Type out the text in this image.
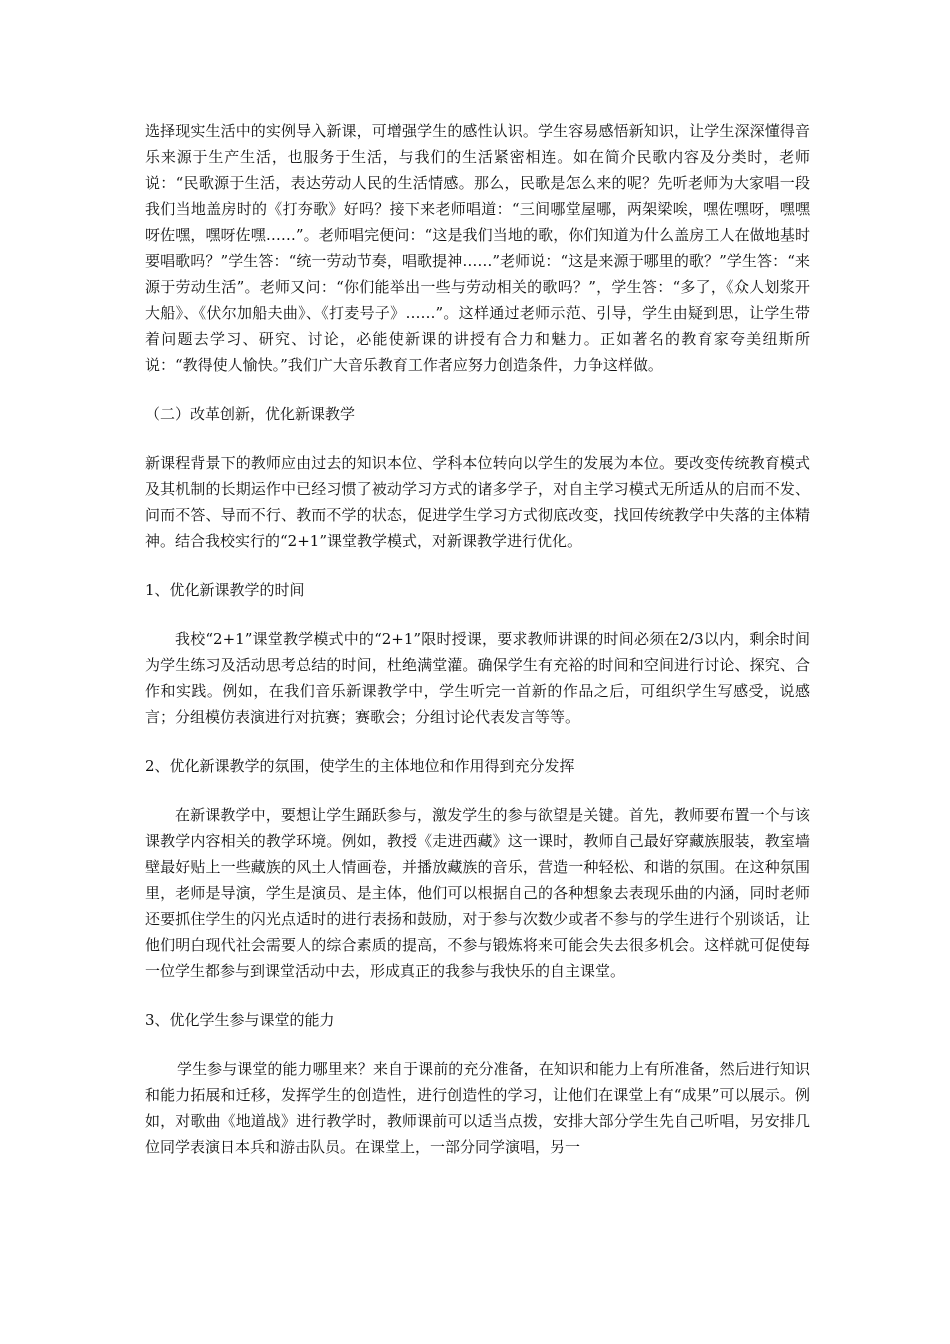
选择现实生活中的实例导入新课，可增强学生的感性认识。学生容易感悟新知识，让学生深深懂得音乐来源于生产生活，也服务于生活，与我们的生活紧密相连。如在简介民歌内容及分类时，老师说：“民歌源于生活，表达劳动人民的生活情感。那么，民歌是怎么来的呢？先听老师为大家唱一段我们当地盖房时的《打夯歌》好吗？接下来老师唱道：“三间哪堂屋哪，两架梁唉，嘿佐嘿呀，嘿嘿呀佐嘿，嘿呀佐嘿……”。老师唱完便问：“这是我们当地的歌，你们知道为什么盖房工人在做地基时要唱歌吗？”学生答：“统一劳动节奏，唱歌提神……”老师说：“这是来源于哪里的歌？”学生答：“来源于劳动生活”。老师又问：“你们能举出一些与劳动相关的歌吗？”，学生答：“多了，《众人划浆开大船》、《伏尔加船夫曲》、《打麦号子》……”。这样通过老师示范、引导，学生由疑到思，让学生带着问题去学习、研究、讨论，必能使新课的讲授有合力和魅力。正如著名的教育家夸美纽斯所说：“教得使人愉快。”我们广大音乐教育工作者应努力创造条件，力争这样做。

（二）改革创新，优化新课教学

新课程背景下的教师应由过去的知识本位、学科本位转向以学生的发展为本位。要改变传统教育模式及其机制的长期运作中已经习惯了被动学习方式的诸多学子，对自主学习模式无所适从的启而不发、问而不答、导而不行、教而不学的状态，促进学生学习方式彻底改变，找回传统教学中失落的主体精神。结合我校实行的“2+1”课堂教学模式，对新课教学进行优化。

1、优化新课教学的时间

我校“2+1”课堂教学模式中的“2+1”限时授课，要求教师讲课的时间必须在2/3以内，剩余时间为学生练习及活动思考总结的时间，杜绝满堂灌。确保学生有充裕的时间和空间进行讨论、探究、合作和实践。例如，在我们音乐新课教学中，学生听完一首新的作品之后，可组织学生写感受，说感言；分组模仿表演进行对抗赛；赛歌会；分组讨论代表发言等等。

2、优化新课教学的氛围，使学生的主体地位和作用得到充分发挥

在新课教学中，要想让学生踊跃参与，激发学生的参与欲望是关键。首先，教师要布置一个与该课教学内容相关的教学环境。例如，教授《走进西藏》这一课时，教师自己最好穿藏族服装，教室墙壁最好贴上一些藏族的风土人情画卷，并播放藏族的音乐，营造一种轻松、和谐的氛围。在这种氛围里，老师是导演，学生是演员、是主体，他们可以根据自己的各种想象去表现乐曲的内涵，同时老师还要抓住学生的闪光点适时的进行表扬和鼓励，对于参与次数少或者不参与的学生进行个别谈话，让他们明白现代社会需要人的综合素质的提高，不参与锻炼将来可能会失去很多机会。这样就可促使每一位学生都参与到课堂活动中去，形成真正的我参与我快乐的自主课堂。

3、优化学生参与课堂的能力

学生参与课堂的能力哪里来？来自于课前的充分准备，在知识和能力上有所准备，然后进行知识和能力拓展和迁移，发挥学生的创造性，进行创造性的学习，让他们在课堂上有“成果”可以展示。例如，对歌曲《地道战》进行教学时，教师课前可以适当点拨，安排大部分学生先自己听唱，另安排几位同学表演日本兵和游击队员。在课堂上，一部分同学演唱，另一
